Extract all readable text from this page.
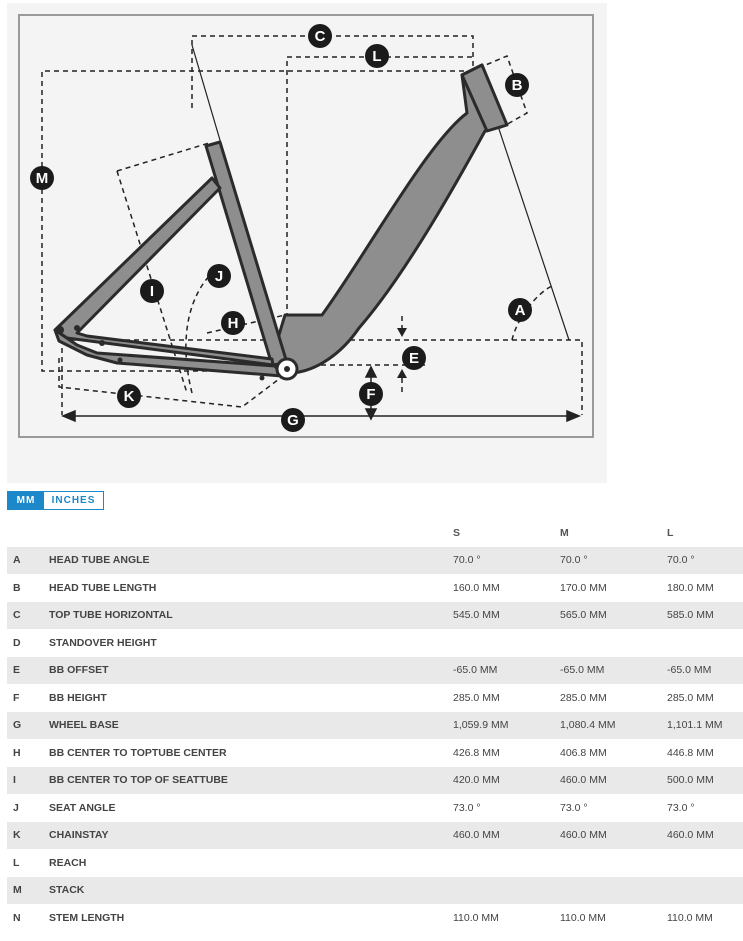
A
B
C
E
F
G
H
I
J
K
L
M
MM	INCHES
S	M	L
A	HEAD TUBE ANGLE	70.0 °	70.0 °	70.0 °
B	HEAD TUBE LENGTH	160.0 MM	170.0 MM	180.0 MM
C	TOP TUBE HORIZONTAL	545.0 MM	565.0 MM	585.0 MM
D	STANDOVER HEIGHT
E	BB OFFSET	-65.0 MM	-65.0 MM	-65.0 MM
F	BB HEIGHT	285.0 MM	285.0 MM	285.0 MM
G	WHEEL BASE	1,059.9 MM	1,080.4 MM	1,101.1 MM
H	BB CENTER TO TOPTUBE CENTER	426.8 MM	406.8 MM	446.8 MM
I	BB CENTER TO TOP OF SEATTUBE	420.0 MM	460.0 MM	500.0 MM
J	SEAT ANGLE	73.0 °	73.0 °	73.0 °
K	CHAINSTAY	460.0 MM	460.0 MM	460.0 MM
L	REACH
M	STACK
N	STEM LENGTH	110.0 MM	110.0 MM	110.0 MM
